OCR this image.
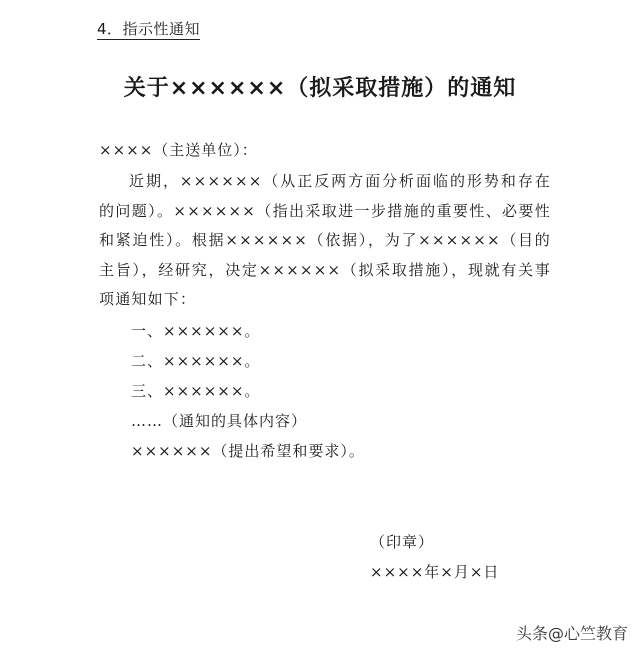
4．指示性通知
关于××××××（拟采取措施）的通知
××××（主送单位）：

近期，××××××（从正反两方面分析面临的形势和存在的问题）。××××××（指出采取进一步措施的重要性、必要性和紧迫性）。根据××××××（依据），为了××××××（目的主旨），经研究，决定××××××（拟采取措施），现就有关事项通知如下：

一、××××××。
二、××××××。
三、××××××。
……（通知的具体内容）
××××××（提出希望和要求）。
（印章）
××××年×月×日
头条@心竺教育
